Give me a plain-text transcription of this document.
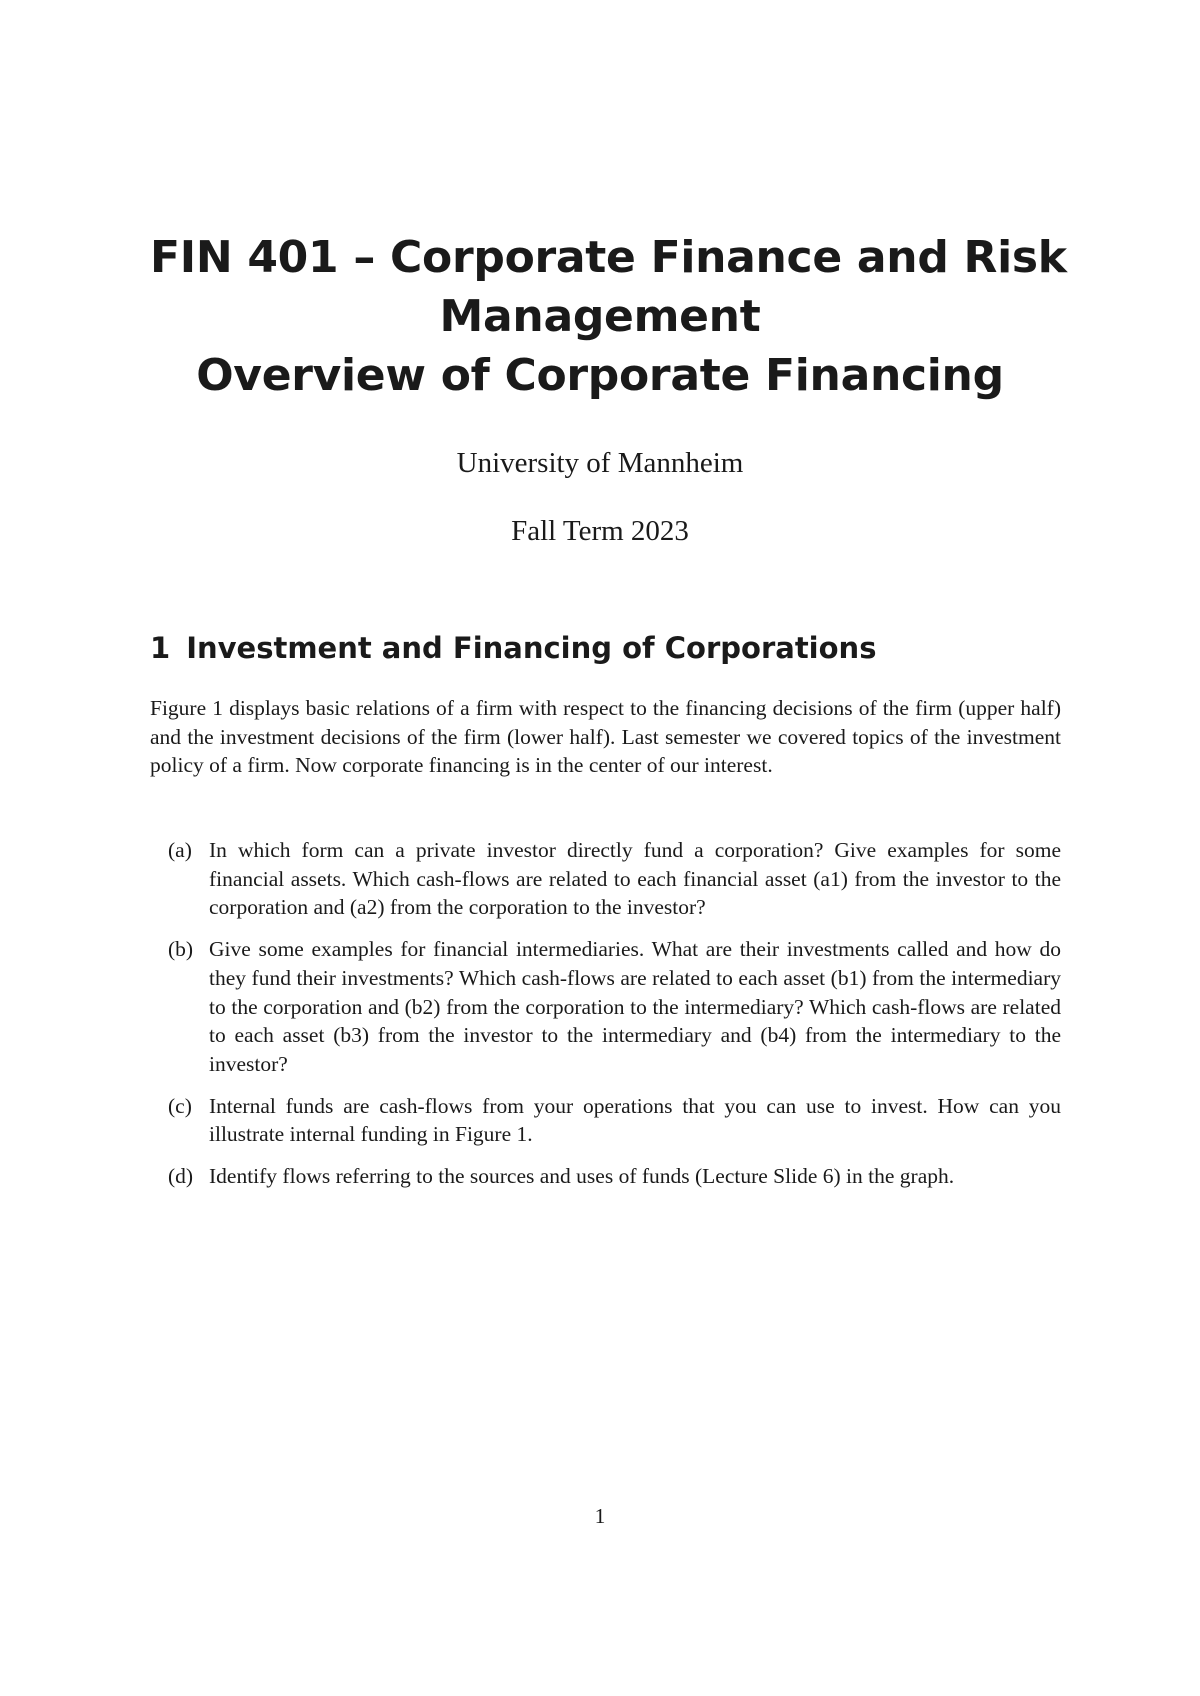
FIN 401 – Corporate Finance and Risk
Management
Overview of Corporate Financing
University of Mannheim
Fall Term 2023
1 Investment and Financing of Corporations

Figure 1 displays basic relations of a firm with respect to the financing decisions of the firm (upper half) and the investment decisions of the firm (lower half). Last semester we covered topics of the investment policy of a firm. Now corporate financing is in the center of our interest.

(a) In which form can a private investor directly fund a corporation? Give examples for some financial assets. Which cash-flows are related to each financial asset (a1) from the investor to the corporation and (a2) from the corporation to the investor?
(b) Give some examples for financial intermediaries. What are their investments called and how do they fund their investments? Which cash-flows are related to each asset (b1) from the intermediary to the corporation and (b2) from the corporation to the intermediary? Which cash-flows are related to each asset (b3) from the investor to the intermediary and (b4) from the intermediary to the investor?
(c) Internal funds are cash-flows from your operations that you can use to invest. How can you illustrate internal funding in Figure 1.
(d) Identify flows referring to the sources and uses of funds (Lecture Slide 6) in the graph.
1
